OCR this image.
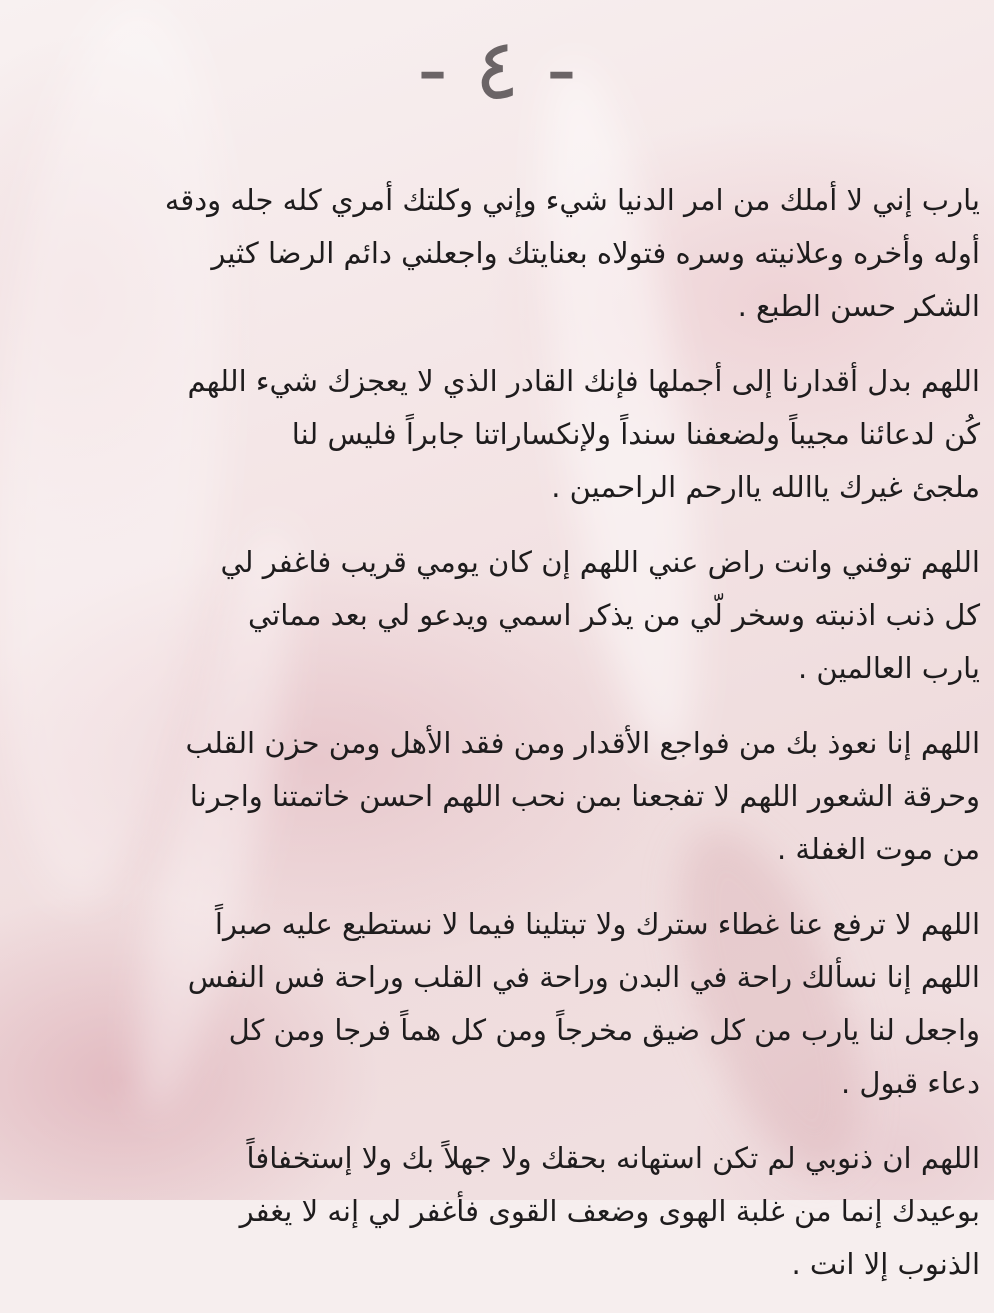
- ٤ -
يارب إني لا أملك من امر الدنيا شيء وإني وكلتك أمري كله جله ودقه
أوله وأخره وعلانيته وسره فتولاه بعنايتك واجعلني دائم الرضا كثير
الشكر حسن الطبع .
اللهم بدل أقدارنا إلى أجملها فإنك القادر الذي لا يعجزك شيء اللهم
كُن لدعائنا مجيباً ولضعفنا سنداً ولإنكساراتنا جابراً فليس لنا
ملجئ غيرك ياالله ياارحم الراحمين .
اللهم توفني وانت راض عني اللهم إن كان يومي قريب فاغفر لي
كل ذنب اذنبته وسخر لّي من يذكر اسمي ويدعو لي بعد مماتي
يارب العالمين .
اللهم إنا نعوذ بك من فواجع الأقدار ومن فقد الأهل ومن حزن القلب
وحرقة الشعور اللهم لا تفجعنا بمن نحب اللهم احسن خاتمتنا واجرنا
من موت الغفلة .
اللهم لا ترفع عنا غطاء سترك ولا تبتلينا فيما لا نستطيع عليه صبراً
اللهم إنا نسألك راحة في البدن وراحة في القلب وراحة فس النفس
واجعل لنا يارب من كل ضيق مخرجاً ومن كل هماً فرجا ومن كل
دعاء قبول .
اللهم ان ذنوبي لم تكن استهانه بحقك ولا جهلاً بك ولا إستخفافاً
بوعيدك إنما من غلبة الهوى وضعف القوى فأغفر لي إنه لا يغفر
الذنوب إلا انت .
